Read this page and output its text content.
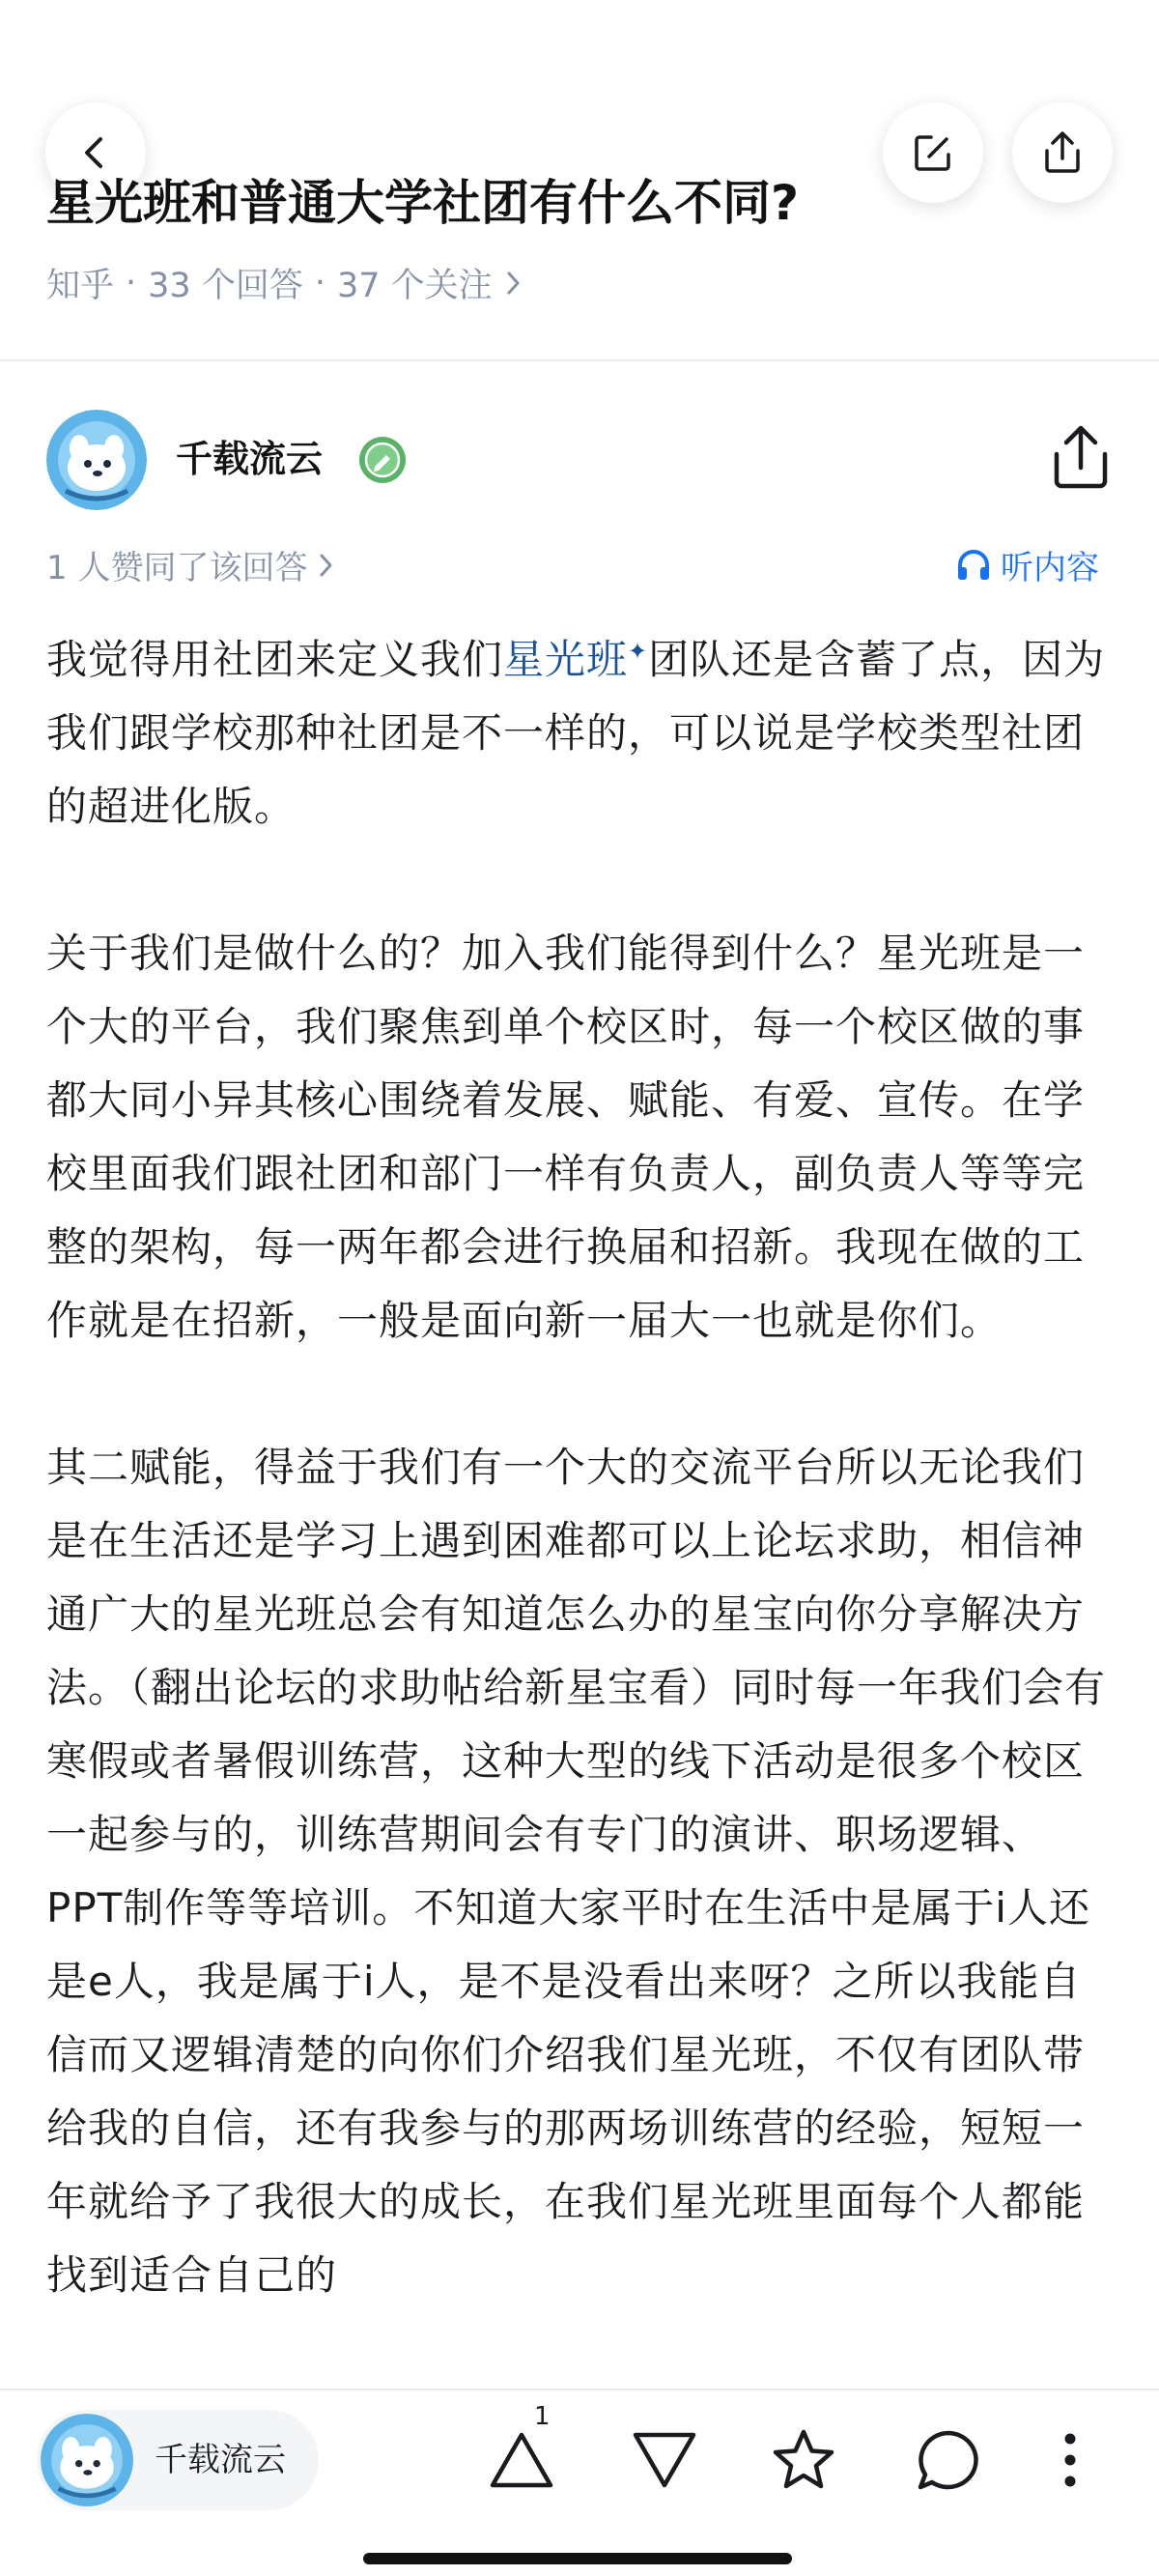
星光班和普通大学社团有什么不同?
知乎 · 33 个回答 · 37 个关注
千载流云
1 人赞同了该回答	听内容

我觉得用社团来定义我们星光班✦团队还是含蓄了点，因为我们跟学校那种社团是不一样的，可以说是学校类型社团的超进化版。

关于我们是做什么的？加入我们能得到什么？星光班是一个大的平台，我们聚焦到单个校区时，每一个校区做的事都大同小异其核心围绕着发展、赋能、有爱、宣传。在学校里面我们跟社团和部门一样有负责人，副负责人等等完整的架构，每一两年都会进行换届和招新。我现在做的工作就是在招新，一般是面向新一届大一也就是你们。

其二赋能，得益于我们有一个大的交流平台所以无论我们是在生活还是学习上遇到困难都可以上论坛求助，相信神通广大的星光班总会有知道怎么办的星宝向你分享解决方法。（翻出论坛的求助帖给新星宝看）同时每一年我们会有寒假或者暑假训练营，这种大型的线下活动是很多个校区一起参与的，训练营期间会有专门的演讲、职场逻辑、PPT制作等等培训。不知道大家平时在生活中是属于i人还是e人，我是属于i人，是不是没看出来呀？之所以我能自信而又逻辑清楚的向你们介绍我们星光班，不仅有团队带给我的自信，还有我参与的那两场训练营的经验，短短一年就给予了我很大的成长，在我们星光班里面每个人都能找到适合自己的

千载流云
1
